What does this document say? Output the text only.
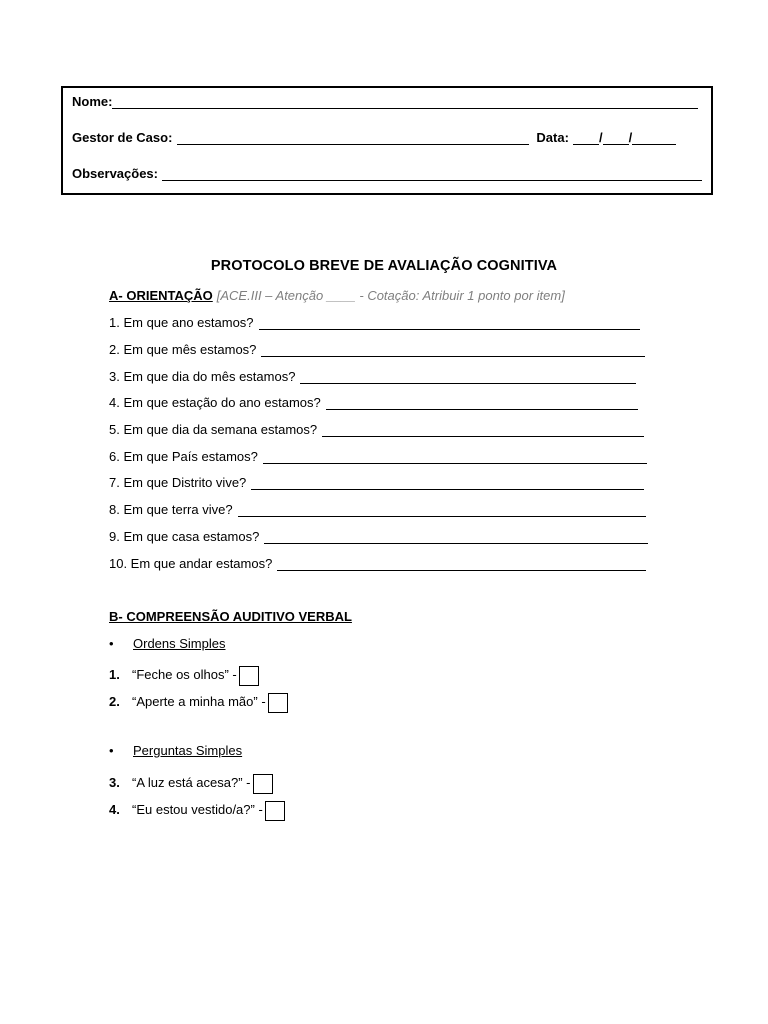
Nome:
Gestor de Caso:	Data: / /
Observações:
PROTOCOLO BREVE DE AVALIAÇÃO COGNITIVA
A- ORIENTAÇÃO [ACE.III – Atenção ____ - Cotação: Atribuir 1 ponto por item]
1. Em que ano estamos?
2. Em que mês estamos?
3. Em que dia do mês estamos?
4. Em que estação do ano estamos?
5. Em que dia da semana estamos?
6. Em que País estamos?
7. Em que Distrito vive?
8. Em que terra vive?
9. Em que casa estamos?
10. Em que andar estamos?
B- COMPREENSÃO AUDITIVO VERBAL
•	Ordens Simples
1. “Feche os olhos” -
2. “Aperte a minha mão” -
•	Perguntas Simples
3. “A luz está acesa?” -
4. “Eu estou vestido/a?” -
